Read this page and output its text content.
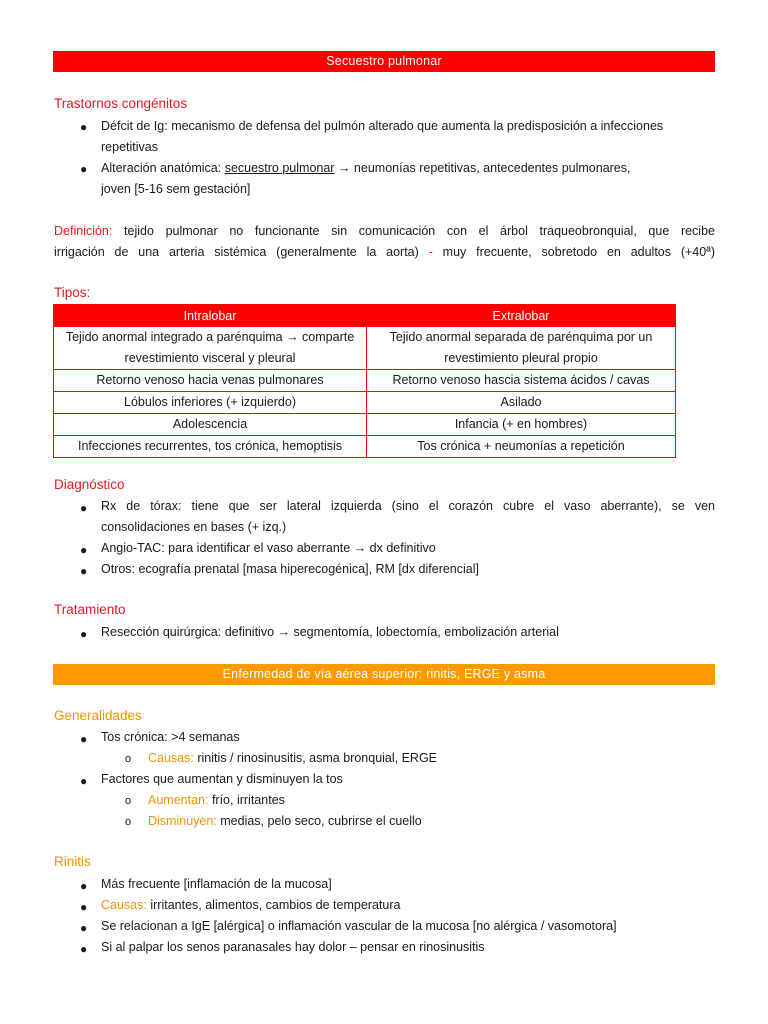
Secuestro pulmonar
Trastornos congénitos
● Défcit de Ig: mecanismo de defensa del pulmón alterado que aumenta la predisposición a infecciones
repetitivas
● Alteración anatómica: secuestro pulmonar → neumonías repetitivas, antecedentes pulmonares,
joven [5-16 sem gestación]
Definición: tejido pulmonar no funcionante sin comunicación con el árbol traqueobronquial, que recibe
irrigación de una arteria sistémica (generalmente la aorta) - muy frecuente, sobretodo en adultos (+40ª)
Tipos:
Intralobar	Extralobar
Tejido anormal integrado a parénquima → comparte revestimiento visceral y pleural	Tejido anormal separada de parénquima por un revestimiento pleural propio
Retorno venoso hacia venas pulmonares	Retorno venoso hascia sistema ácidos / cavas
Lóbulos inferiores (+ izquierdo)	Asilado
Adolescencia	Infancia (+ en hombres)
Infecciones recurrentes, tos crónica, hemoptisis	Tos crónica + neumonías a repetición
Diagnóstico
● Rx de tórax: tiene que ser lateral izquierda (sino el corazón cubre el vaso aberrante), se ven
consolidaciones en bases (+ izq.)
● Angio-TAC: para identificar el vaso aberrante → dx definitivo
● Otros: ecografía prenatal [masa hiperecogénica], RM [dx diferencial]
Tratamiento
● Resección quirúrgica: definitivo → segmentomía, lobectomía, embolización arterial
Enfermedad de vía aérea superior: rinitis, ERGE y asma
Generalidades
● Tos crónica: >4 semanas
o Causas: rinitis / rinosinusitis, asma bronquial, ERGE
● Factores que aumentan y disminuyen la tos
o Aumentan: frío, irritantes
o Disminuyen: medias, pelo seco, cubrirse el cuello
Rinitis
● Más frecuente [inflamación de la mucosa]
● Causas: irritantes, alimentos, cambios de temperatura
● Se relacionan a IgE [alérgica] o inflamación vascular de la mucosa [no alérgica / vasomotora]
● Si al palpar los senos paranasales hay dolor – pensar en rinosinusitis
